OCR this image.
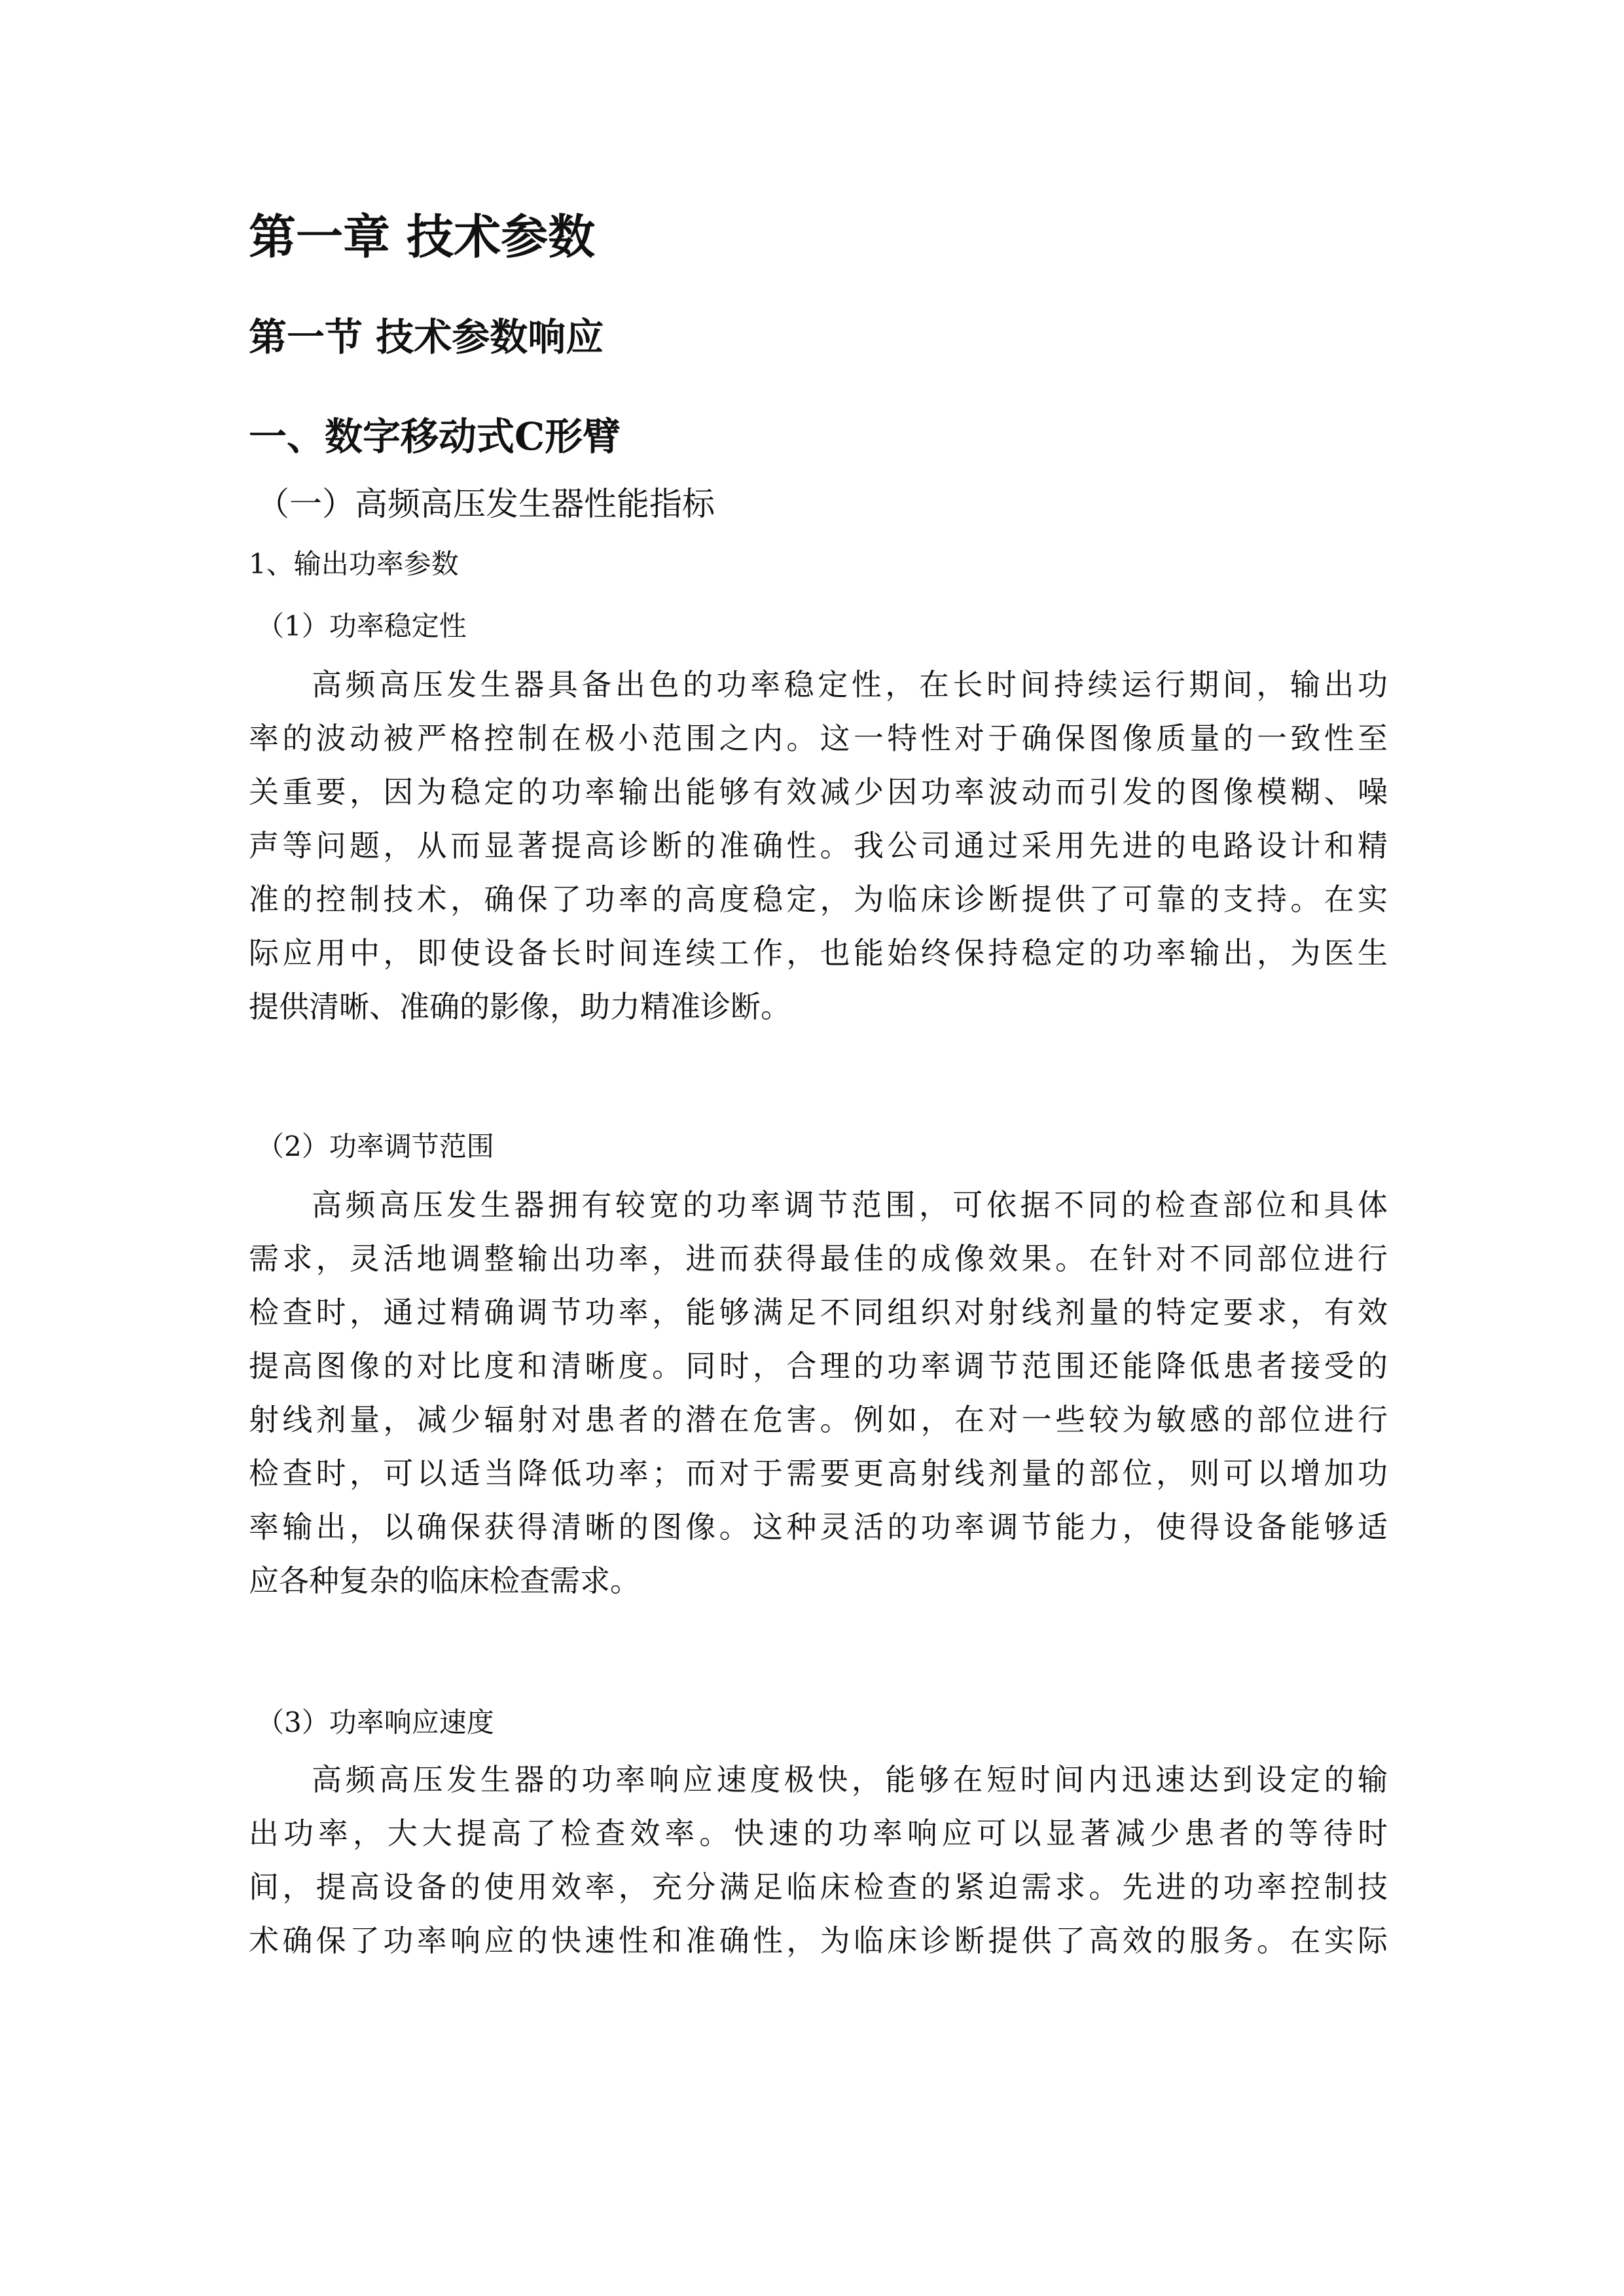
第一章 技术参数
第一节 技术参数响应
一、数字移动式C形臂
（一）高频高压发生器性能指标
1、输出功率参数
（1）功率稳定性
高频高压发生器具备出色的功率稳定性，在长时间持续运行期间，输出功
率的波动被严格控制在极小范围之内。这一特性对于确保图像质量的一致性至
关重要，因为稳定的功率输出能够有效减少因功率波动而引发的图像模糊、噪
声等问题，从而显著提高诊断的准确性。我公司通过采用先进的电路设计和精
准的控制技术，确保了功率的高度稳定，为临床诊断提供了可靠的支持。在实
际应用中，即使设备长时间连续工作，也能始终保持稳定的功率输出，为医生
提供清晰、准确的影像，助力精准诊断。
（2）功率调节范围
高频高压发生器拥有较宽的功率调节范围，可依据不同的检查部位和具体
需求，灵活地调整输出功率，进而获得最佳的成像效果。在针对不同部位进行
检查时，通过精确调节功率，能够满足不同组织对射线剂量的特定要求，有效
提高图像的对比度和清晰度。同时，合理的功率调节范围还能降低患者接受的
射线剂量，减少辐射对患者的潜在危害。例如，在对一些较为敏感的部位进行
检查时，可以适当降低功率；而对于需要更高射线剂量的部位，则可以增加功
率输出，以确保获得清晰的图像。这种灵活的功率调节能力，使得设备能够适
应各种复杂的临床检查需求。
（3）功率响应速度
高频高压发生器的功率响应速度极快，能够在短时间内迅速达到设定的输
出功率，大大提高了检查效率。快速的功率响应可以显著减少患者的等待时
间，提高设备的使用效率，充分满足临床检查的紧迫需求。先进的功率控制技
术确保了功率响应的快速性和准确性，为临床诊断提供了高效的服务。在实际
